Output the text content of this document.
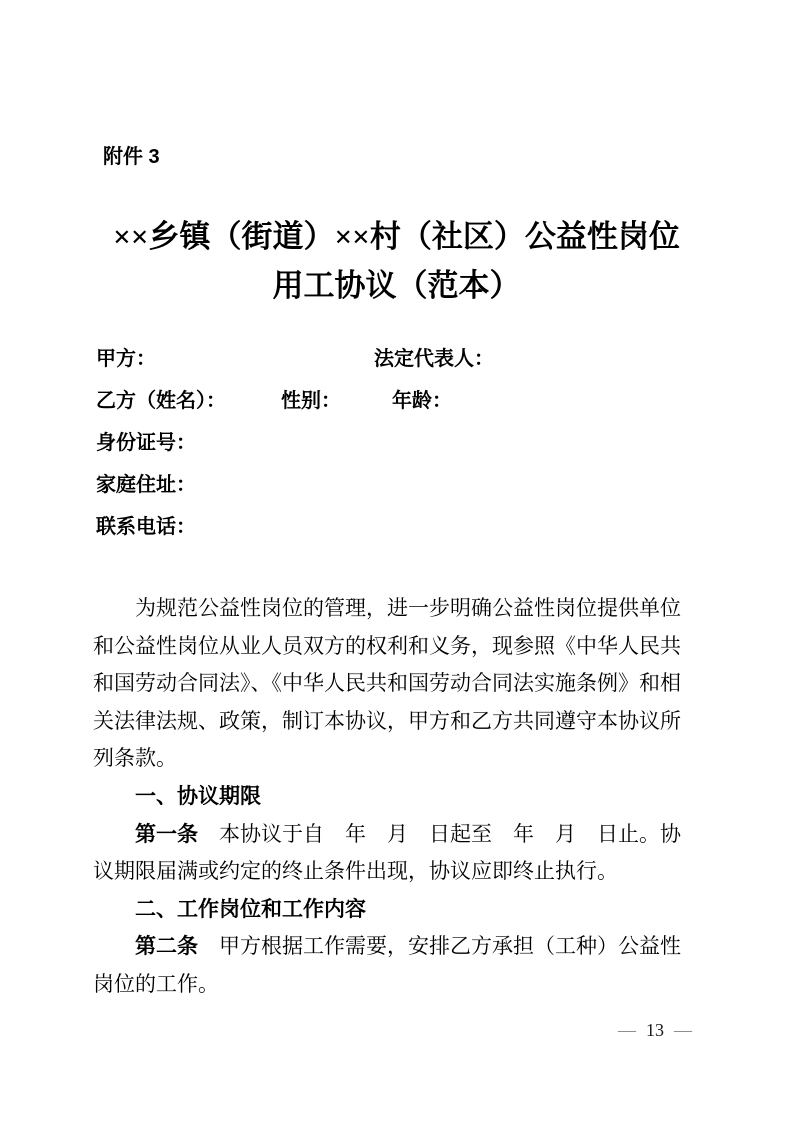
附件 3
××乡镇（街道）××村（社区）公益性岗位
用工协议（范本）
甲方：	法定代表人：
乙方（姓名）：	性别：	年龄：
身份证号：
家庭住址：
联系电话：
为规范公益性岗位的管理，进一步明确公益性岗位提供单位
和公益性岗位从业人员双方的权利和义务，现参照《中华人民共
和国劳动合同法》、《中华人民共和国劳动合同法实施条例》和相
关法律法规、政策，制订本协议，甲方和乙方共同遵守本协议所
列条款。
一、协议期限
第一条　本协议于自　年　月　日起至　年　月　日止。协
议期限届满或约定的终止条件出现，协议应即终止执行。
二、工作岗位和工作内容
第二条　甲方根据工作需要，安排乙方承担（工种）公益性
岗位的工作。
— 13 —
